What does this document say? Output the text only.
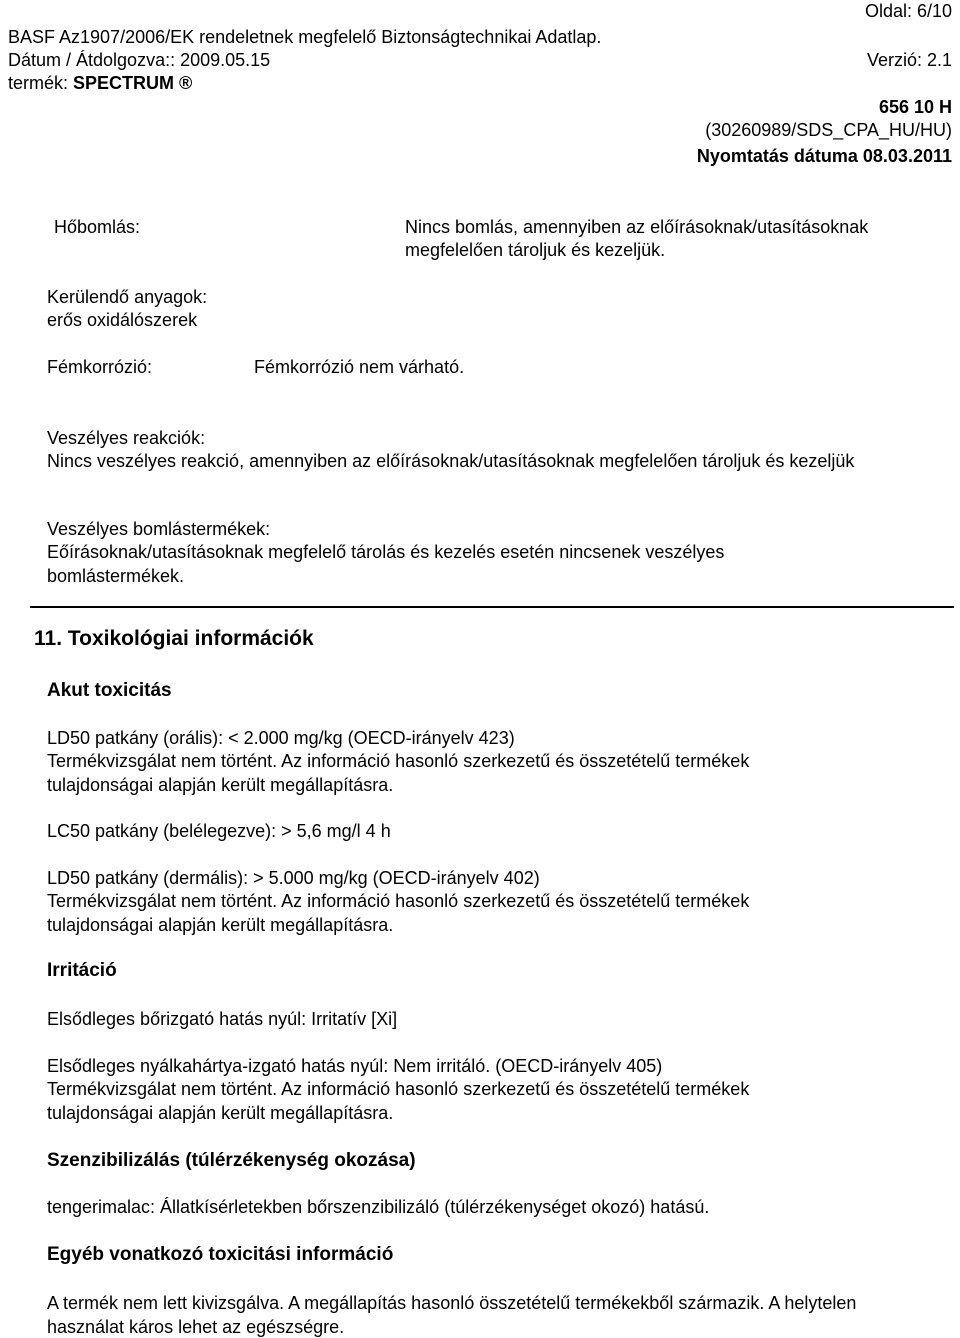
Oldal: 6/10
BASF Az1907/2006/EK rendeletnek megfelelő Biztonságtechnikai Adatlap.
Dátum / Átdolgozva:: 2009.05.15	Verzió: 2.1
termék: SPECTRUM ®
656 10 H
(30260989/SDS_CPA_HU/HU)
Nyomtatás dátuma 08.03.2011
Hőbomlás:	Nincs bomlás, amennyiben az előírásoknak/utasításoknak
megfelelően tároljuk és kezeljük.
Kerülendő anyagok:
erős oxidálószerek
Fémkorrózió:	Fémkorrózió nem várható.
Veszélyes reakciók:
Nincs veszélyes reakció, amennyiben az előírásoknak/utasításoknak megfelelően tároljuk és kezeljük
Veszélyes bomlástermékek:
Eőírásoknak/utasításoknak megfelelő tárolás és kezelés esetén nincsenek veszélyes
bomlástermékek.
11. Toxikológiai információk
Akut toxicitás
LD50 patkány (orális): < 2.000 mg/kg (OECD-irányelv 423)
Termékvizsgálat nem történt. Az információ hasonló szerkezetű és összetételű termékek
tulajdonságai alapján került megállapításra.
LC50 patkány (belélegezve): > 5,6 mg/l 4 h
LD50 patkány (dermális): > 5.000 mg/kg (OECD-irányelv 402)
Termékvizsgálat nem történt. Az információ hasonló szerkezetű és összetételű termékek
tulajdonságai alapján került megállapításra.
Irritáció
Elsődleges bőrizgató hatás nyúl: Irritatív [Xi]
Elsődleges nyálkahártya-izgató hatás nyúl: Nem irritáló. (OECD-irányelv 405)
Termékvizsgálat nem történt. Az információ hasonló szerkezetű és összetételű termékek
tulajdonságai alapján került megállapításra.
Szenzibilizálás (túlérzékenység okozása)
tengerimalac: Állatkísérletekben bőrszenzibilizáló (túlérzékenységet okozó) hatású.
Egyéb vonatkozó toxicitási információ
A termék nem lett kivizsgálva. A megállapítás hasonló összetételű termékekből származik. A helytelen
használat káros lehet az egészségre.
